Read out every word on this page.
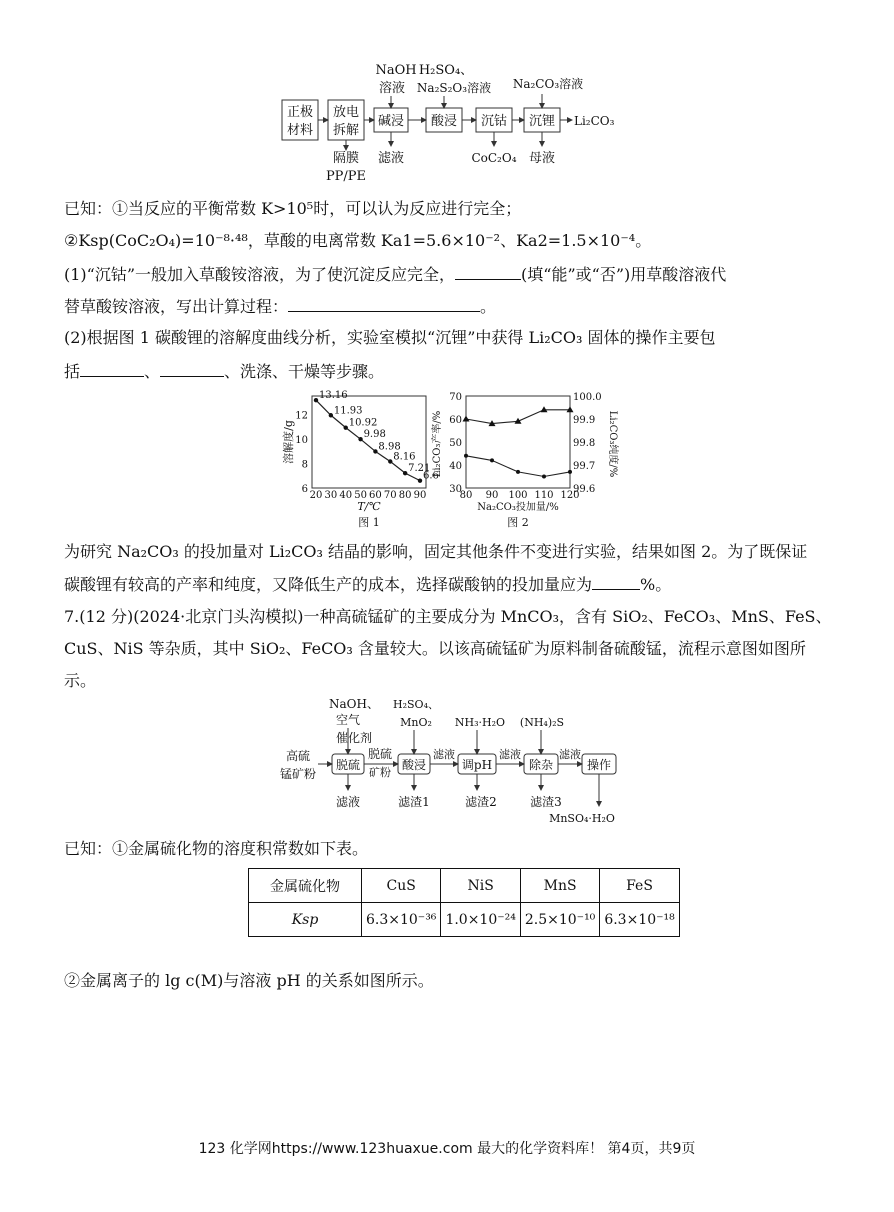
正极
材料
放电
拆解
隔膜
PP/PE
碱浸
NaOH
溶液
滤液
酸浸
H₂SO₄、
Na₂S₂O₃溶液
沉钴
CoC₂O₄
沉锂
Na₂CO₃溶液
母液
Li₂CO₃
已知：①当反应的平衡常数 K>10⁵时，可以认为反应进行完全；
②Ksp(CoC₂O₄)=10⁻⁸·⁴⁸，草酸的电离常数 Ka1=5.6×10⁻²、Ka2=1.5×10⁻⁴。
(1)“沉钴”一般加入草酸铵溶液，为了使沉淀反应完全，	(填“能”或“否”)用草酸溶液代
替草酸铵溶液，写出计算过程：	。
(2)根据图 1 碳酸锂的溶解度曲线分析，实验室模拟“沉锂”中获得 Li₂CO₃ 固体的操作主要包
括	、	、洗涤、干燥等步骤。
溶解度/g
T/℃
图 1
20 30 40 50 60 70 80 90
6
8
10
12
13.16
11.93
10.92
9.98
8.98
8.16
7.21
6.6
Li₂CO₃产率/%	Li₂CO₃纯度/%
Na₂CO₃投加量/%
图 2
80 90 100 110 120
30
40
50
60
70
99.6
99.7
99.8
99.9
100.0
为研究 Na₂CO₃ 的投加量对 Li₂CO₃ 结晶的影响，固定其他条件不变进行实验，结果如图 2。为了既保证
碳酸锂有较高的产率和纯度，又降低生产的成本，选择碳酸钠的投加量应为	%。
7.(12 分)(2024·北京门头沟模拟)一种高硫锰矿的主要成分为 MnCO₃，含有 SiO₂、FeCO₃、MnS、FeS、
CuS、NiS 等杂质，其中 SiO₂、FeCO₃ 含量较大。以该高硫锰矿为原料制备硫酸锰，流程示意图如图所
示。
高硫
锰矿粉
脱硫
NaOH、
空气
催化剂
滤液
脱硫
矿粉
酸浸
H₂SO₄、
MnO₂
滤渣1
滤液
调pH
NH₃·H₂O
滤渣2
滤液
除杂
(NH₄)₂S
滤渣3
滤液
操作
MnSO₄·H₂O
已知：①金属硫化物的溶度积常数如下表。
金属硫化物	CuS	NiS	MnS	FeS
Ksp	6.3×10⁻³⁶	1.0×10⁻²⁴	2.5×10⁻¹⁰	6.3×10⁻¹⁸
②金属离子的 lg c(M)与溶液 pH 的关系如图所示。
123 化学网https://www.123huaxue.com 最大的化学资料库！ 第4页，共9页
